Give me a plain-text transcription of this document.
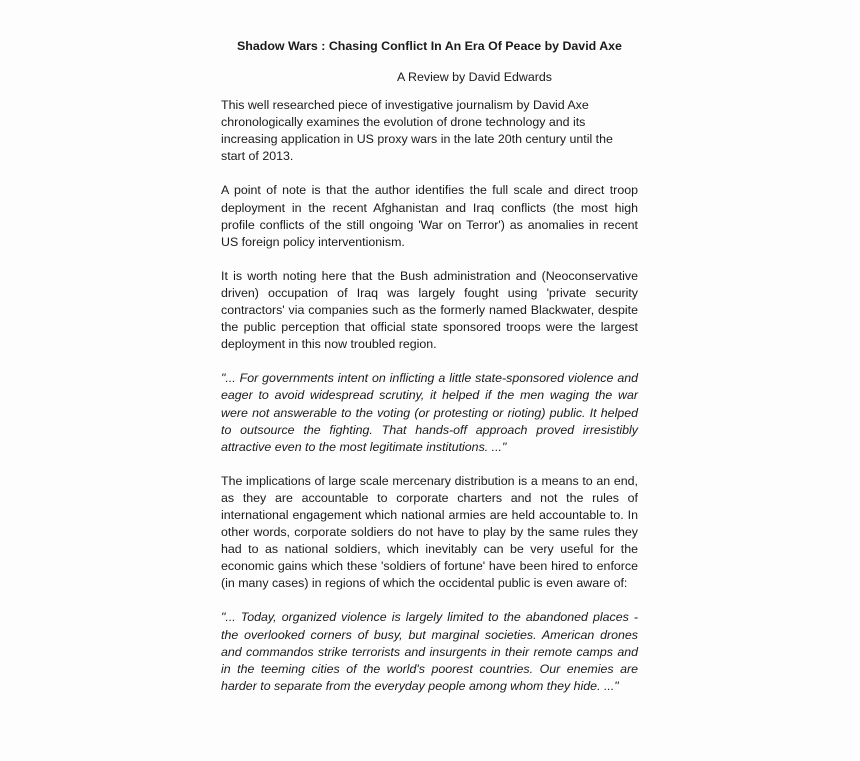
Shadow Wars : Chasing Conflict In An Era Of Peace by David Axe
A Review by David Edwards

This well researched piece of investigative journalism by David Axe chronologically examines the evolution of drone technology and its increasing application in US proxy wars in the late 20th century until the start of 2013.

A point of note is that the author identifies the full scale and direct troop deployment in the recent Afghanistan and Iraq conflicts (the most high profile conflicts of the still ongoing 'War on Terror') as anomalies in recent US foreign policy interventionism.

It is worth noting here that the Bush administration and (Neoconservative driven) occupation of Iraq was largely fought using 'private security contractors' via companies such as the formerly named Blackwater, despite the public perception that official state sponsored troops were the largest deployment in this now troubled region.

"... For governments intent on inflicting a little state-sponsored violence and eager to avoid widespread scrutiny, it helped if the men waging the war were not answerable to the voting (or protesting or rioting) public. It helped to outsource the fighting. That hands-off approach proved irresistibly attractive even to the most legitimate institutions. ..."

The implications of large scale mercenary distribution is a means to an end, as they are accountable to corporate charters and not the rules of international engagement which national armies are held accountable to. In other words, corporate soldiers do not have to play by the same rules they had to as national soldiers, which inevitably can be very useful for the economic gains which these 'soldiers of fortune' have been hired to enforce (in many cases) in regions of which the occidental public is even aware of:

"... Today, organized violence is largely limited to the abandoned places - the overlooked corners of busy, but marginal societies. American drones and commandos strike terrorists and insurgents in their remote camps and in the teeming cities of the world's poorest countries. Our enemies are harder to separate from the everyday people among whom they hide. ..."
